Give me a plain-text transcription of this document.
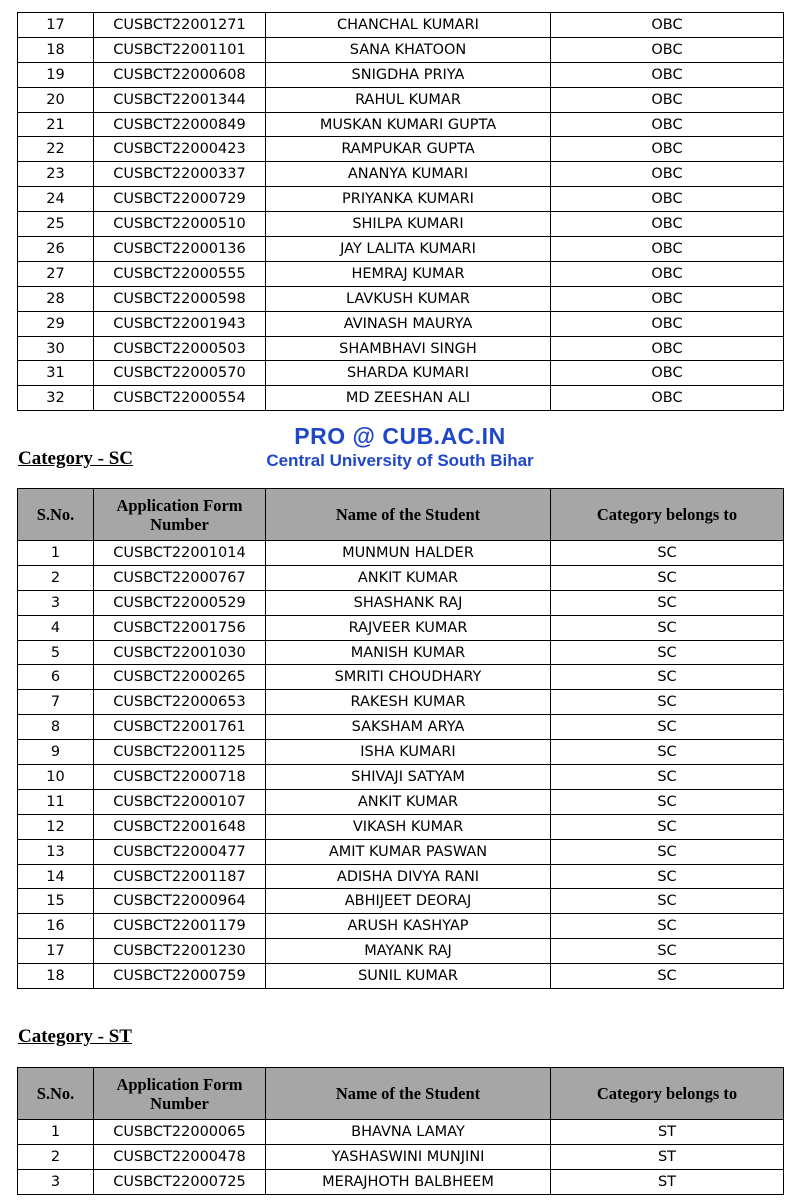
17	CUSBCT22001271	CHANCHAL KUMARI	OBC
18	CUSBCT22001101	SANA KHATOON	OBC
19	CUSBCT22000608	SNIGDHA PRIYA	OBC
20	CUSBCT22001344	RAHUL KUMAR	OBC
21	CUSBCT22000849	MUSKAN KUMARI GUPTA	OBC
22	CUSBCT22000423	RAMPUKAR GUPTA	OBC
23	CUSBCT22000337	ANANYA KUMARI	OBC
24	CUSBCT22000729	PRIYANKA KUMARI	OBC
25	CUSBCT22000510	SHILPA KUMARI	OBC
26	CUSBCT22000136	JAY LALITA KUMARI	OBC
27	CUSBCT22000555	HEMRAJ KUMAR	OBC
28	CUSBCT22000598	LAVKUSH KUMAR	OBC
29	CUSBCT22001943	AVINASH MAURYA	OBC
30	CUSBCT22000503	SHAMBHAVI SINGH	OBC
31	CUSBCT22000570	SHARDA KUMARI	OBC
32	CUSBCT22000554	MD ZEESHAN ALI	OBC
Category - SC
PRO @ CUB.AC.IN
Central University of South Bihar
S.No.	Application Form Number	Name of the Student	Category belongs to
1	CUSBCT22001014	MUNMUN HALDER	SC
2	CUSBCT22000767	ANKIT KUMAR	SC
3	CUSBCT22000529	SHASHANK RAJ	SC
4	CUSBCT22001756	RAJVEER KUMAR	SC
5	CUSBCT22001030	MANISH KUMAR	SC
6	CUSBCT22000265	SMRITI CHOUDHARY	SC
7	CUSBCT22000653	RAKESH KUMAR	SC
8	CUSBCT22001761	SAKSHAM ARYA	SC
9	CUSBCT22001125	ISHA KUMARI	SC
10	CUSBCT22000718	SHIVAJI SATYAM	SC
11	CUSBCT22000107	ANKIT KUMAR	SC
12	CUSBCT22001648	VIKASH KUMAR	SC
13	CUSBCT22000477	AMIT KUMAR PASWAN	SC
14	CUSBCT22001187	ADISHA DIVYA RANI	SC
15	CUSBCT22000964	ABHIJEET DEORAJ	SC
16	CUSBCT22001179	ARUSH KASHYAP	SC
17	CUSBCT22001230	MAYANK RAJ	SC
18	CUSBCT22000759	SUNIL KUMAR	SC
Category - ST
S.No.	Application Form Number	Name of the Student	Category belongs to
1	CUSBCT22000065	BHAVNA LAMAY	ST
2	CUSBCT22000478	YASHASWINI MUNJINI	ST
3	CUSBCT22000725	MERAJHOTH BALBHEEM	ST
